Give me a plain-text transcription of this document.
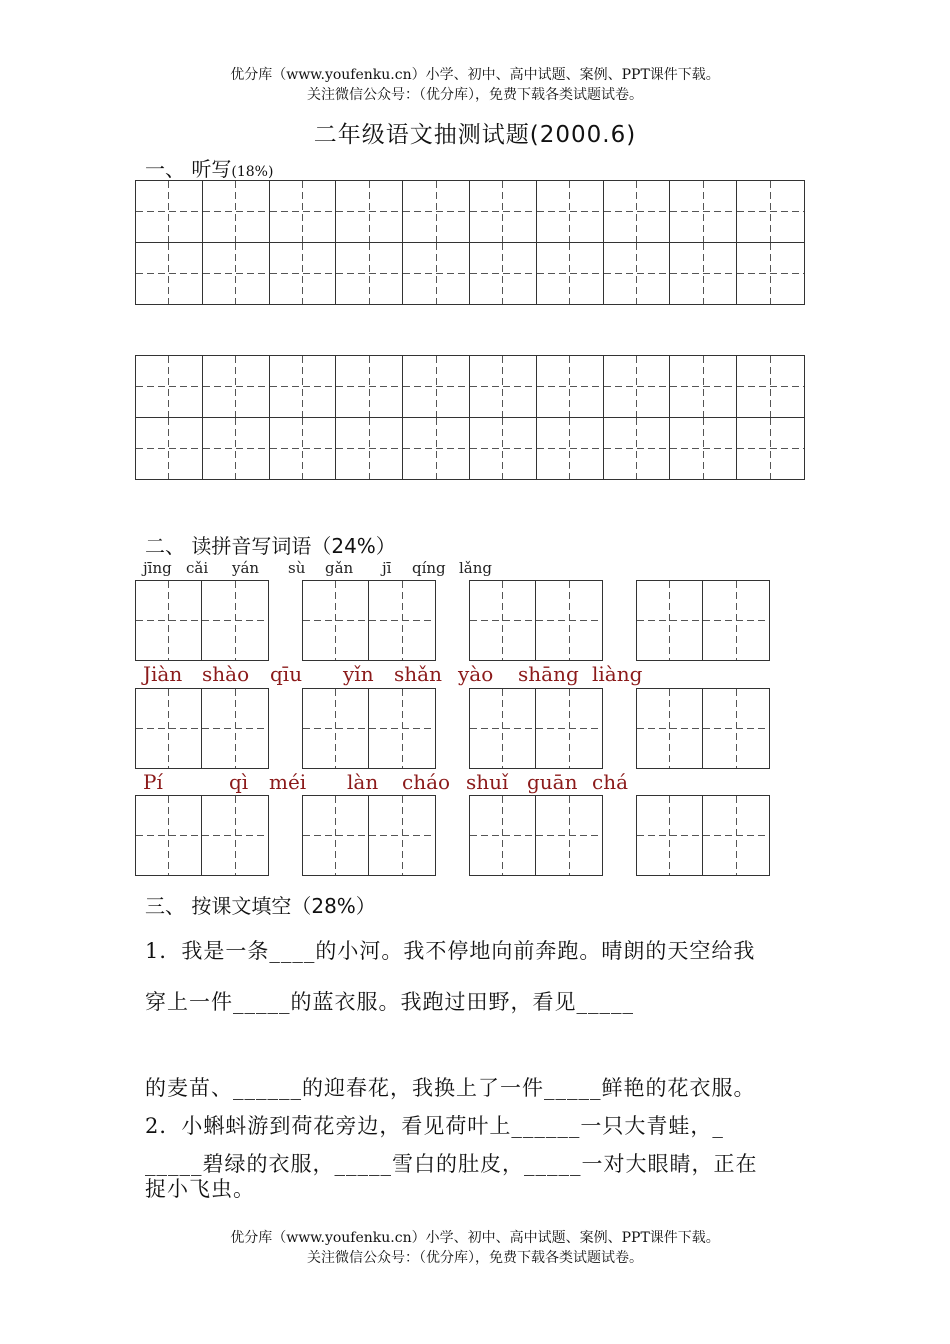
优分库（www.youfenku.cn）小学、初中、高中试题、案例、PPT课件下载。
关注微信公众号：（优分库），免费下载各类试题试卷。
二年级语文抽测试题(2000.6)
一、 听写(18%)
二、 读拼音写词语（24%）
jīng cǎi yán sù gǎn jī qíng lǎng
Jiàn shào qīu yǐn shǎn yào shāng liàng
Pí	qì méi làn cháo shuǐ guān chá
三、 按课文填空（28%）
1．我是一条____的小河。我不停地向前奔跑。晴朗的天空给我
穿上一件_____的蓝衣服。我跑过田野，看见_____
的麦苗、______的迎春花，我换上了一件_____鲜艳的花衣服。
2．小蝌蚪游到荷花旁边，看见荷叶上______一只大青蛙，_
_____碧绿的衣服，_____雪白的肚皮，_____一对大眼睛，正在
捉小飞虫。
优分库（www.youfenku.cn）小学、初中、高中试题、案例、PPT课件下载。
关注微信公众号：（优分库），免费下载各类试题试卷。
